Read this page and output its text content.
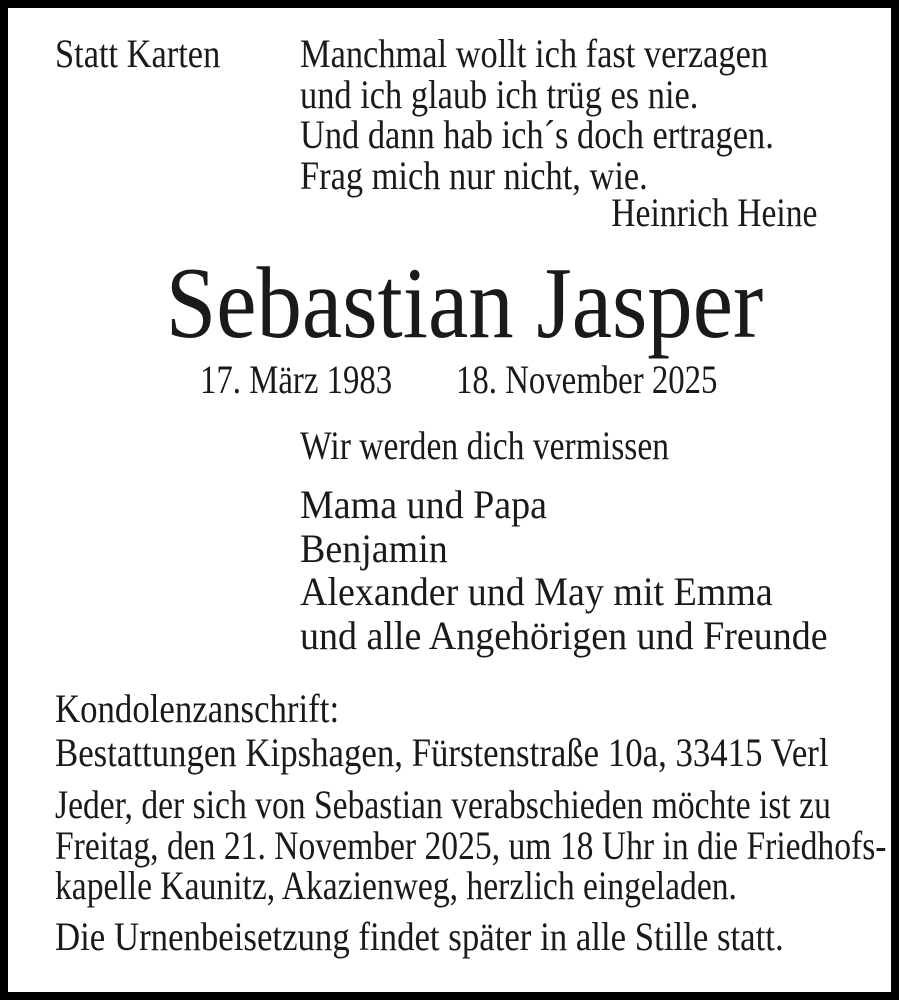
Statt Karten Manchmal wollt ich fast verzagen
und ich glaub ich trüg es nie.
Und dann hab ich´s doch ertragen.
Frag mich nur nicht, wie.
Heinrich Heine
Sebastian Jasper
17. März 1983 18. November 2025
Wir werden dich vermissen
Mama und Papa
Benjamin
Alexander und May mit Emma
und alle Angehörigen und Freunde
Kondolenzanschrift:
Bestattungen Kipshagen, Fürstenstraße 10a, 33415 Verl
Jeder, der sich von Sebastian verabschieden möchte ist zu
Freitag, den 21. November 2025, um 18 Uhr in die Friedhofs-
kapelle Kaunitz, Akazienweg, herzlich eingeladen.
Die Urnenbeisetzung findet später in alle Stille statt.
